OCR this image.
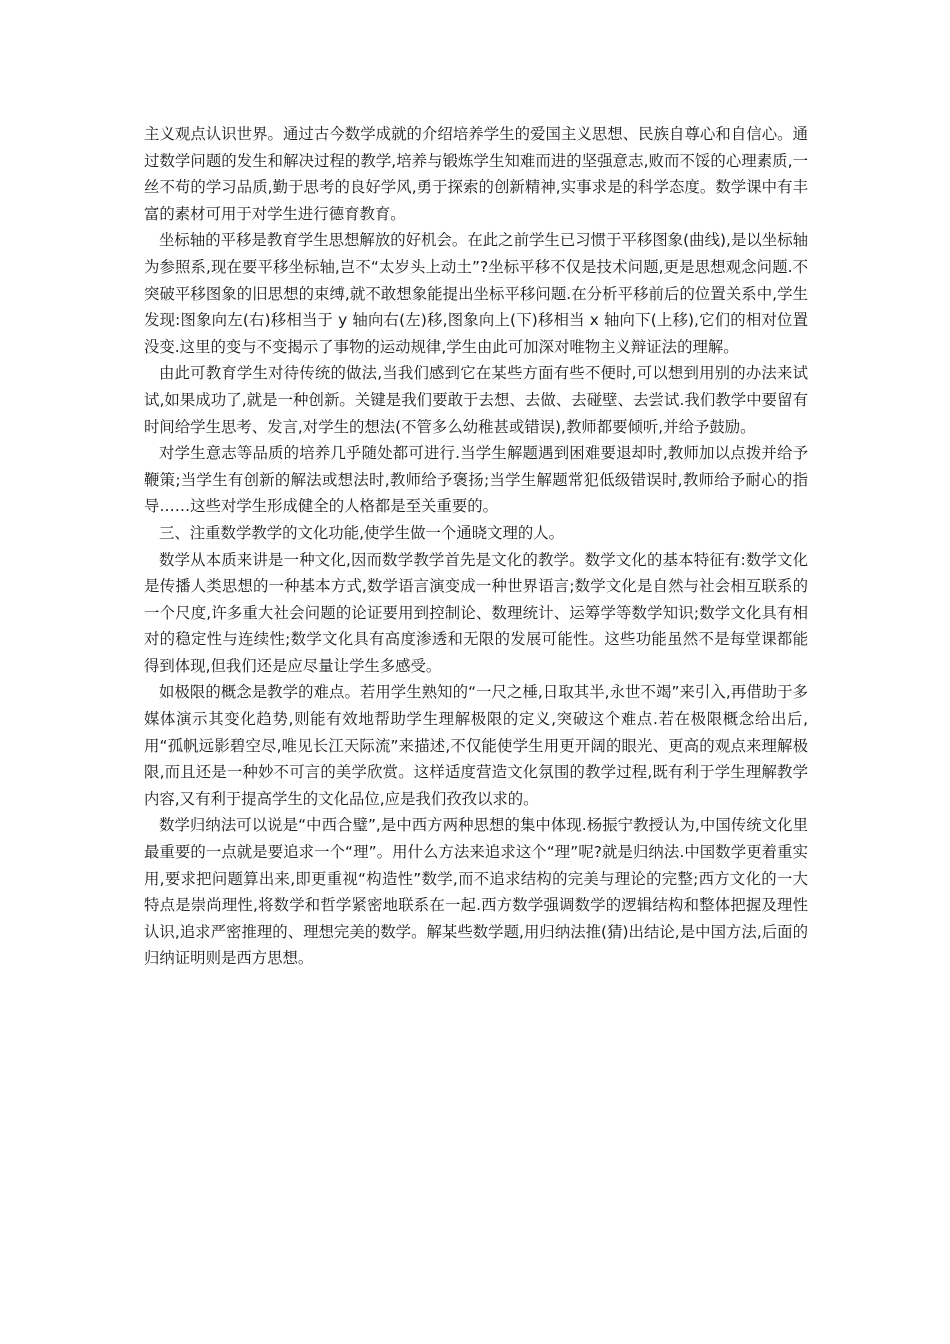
主义观点认识世界。通过古今数学成就的介绍培养学生的爱国主义思想、民族自尊心和自信心。通过数学问题的发生和解决过程的教学,培养与锻炼学生知难而进的坚强意志,败而不馁的心理素质,一丝不苟的学习品质,勤于思考的良好学风,勇于探索的创新精神,实事求是的科学态度。数学课中有丰富的素材可用于对学生进行德育教育。

坐标轴的平移是教育学生思想解放的好机会。在此之前学生已习惯于平移图象(曲线),是以坐标轴为参照系,现在要平移坐标轴,岂不“太岁头上动土”?坐标平移不仅是技术问题,更是思想观念问题.不突破平移图象的旧思想的束缚,就不敢想象能提出坐标平移问题.在分析平移前后的位置关系中,学生发现:图象向左(右)移相当于 y 轴向右(左)移,图象向上(下)移相当 x 轴向下(上移),它们的相对位置没变.这里的变与不变揭示了事物的运动规律,学生由此可加深对唯物主义辩证法的理解。

由此可教育学生对待传统的做法,当我们感到它在某些方面有些不便时,可以想到用别的办法来试试,如果成功了,就是一种创新。关键是我们要敢于去想、去做、去碰壁、去尝试.我们教学中要留有时间给学生思考、发言,对学生的想法(不管多么幼稚甚或错误),教师都要倾听,并给予鼓励。

对学生意志等品质的培养几乎随处都可进行.当学生解题遇到困难要退却时,教师加以点拨并给予鞭策;当学生有创新的解法或想法时,教师给予褒扬;当学生解题常犯低级错误时,教师给予耐心的指导……这些对学生形成健全的人格都是至关重要的。

三、注重数学教学的文化功能,使学生做一个通晓文理的人。

数学从本质来讲是一种文化,因而数学教学首先是文化的教学。数学文化的基本特征有:数学文化是传播人类思想的一种基本方式,数学语言演变成一种世界语言;数学文化是自然与社会相互联系的一个尺度,许多重大社会问题的论证要用到控制论、数理统计、运筹学等数学知识;数学文化具有相对的稳定性与连续性;数学文化具有高度渗透和无限的发展可能性。这些功能虽然不是每堂课都能得到体现,但我们还是应尽量让学生多感受。

如极限的概念是教学的难点。若用学生熟知的“一尺之棰,日取其半,永世不竭”来引入,再借助于多媒体演示其变化趋势,则能有效地帮助学生理解极限的定义,突破这个难点.若在极限概念给出后,用“孤帆远影碧空尽,唯见长江天际流”来描述,不仅能使学生用更开阔的眼光、更高的观点来理解极限,而且还是一种妙不可言的美学欣赏。这样适度营造文化氛围的教学过程,既有利于学生理解教学内容,又有利于提高学生的文化品位,应是我们孜孜以求的。

数学归纳法可以说是“中西合璧”,是中西方两种思想的集中体现.杨振宁教授认为,中国传统文化里最重要的一点就是要追求一个“理”。用什么方法来追求这个“理”呢?就是归纳法.中国数学更着重实用,要求把问题算出来,即更重视“构造性”数学,而不追求结构的完美与理论的完整;西方文化的一大特点是崇尚理性,将数学和哲学紧密地联系在一起.西方数学强调数学的逻辑结构和整体把握及理性认识,追求严密推理的、理想完美的数学。解某些数学题,用归纳法推(猜)出结论,是中国方法,后面的归纳证明则是西方思想。
